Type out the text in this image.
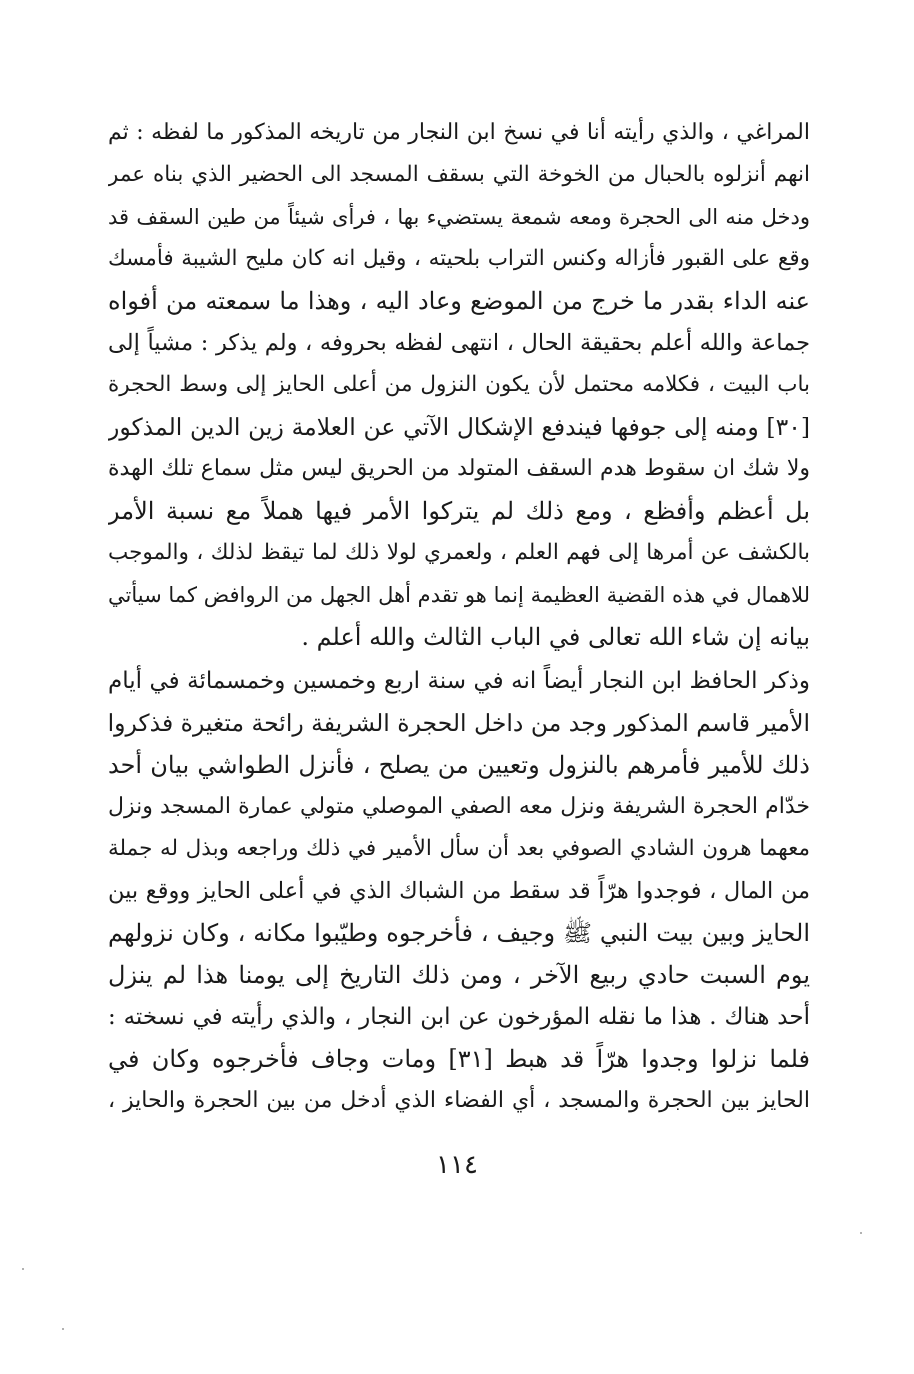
المراغي ، والذي رأيته أنا في نسخ ابن النجار من تاريخه المذكور ما لفظه : ثم
انهم أنزلوه بالحبال من الخوخة التي بسقف المسجد الى الحضير الذي بناه عمر
ودخل منه الى الحجرة ومعه شمعة يستضيء بها ، فرأى شيئاً من طين السقف قد
وقع على القبور فأزاله وكنس التراب بلحيته ، وقيل انه كان مليح الشيبة فأمسك
عنه الداء بقدر ما خرج من الموضع وعاد اليه ، وهذا ما سمعته من أفواه
جماعة والله أعلم بحقيقة الحال ، انتهى لفظه بحروفه ، ولم يذكر : مشياً إلى
باب البيت ، فكلامه محتمل لأن يكون النزول من أعلى الحايز إلى وسط الحجرة
[٣٠] ومنه إلى جوفها فيندفع الإشكال الآتي عن العلامة زين الدين المذكور
ولا شك ان سقوط هدم السقف المتولد من الحريق ليس مثل سماع تلك الهدة
بل أعظم وأفظع ، ومع ذلك لم يتركوا الأمر فيها هملاً مع نسبة الأمر
بالكشف عن أمرها إلى فهم العلم ، ولعمري لولا ذلك لما تيقظ لذلك ، والموجب
للاهمال في هذه القضية العظيمة إنما هو تقدم أهل الجهل من الروافض كما سيأتي
بيانه إن شاء الله تعالى في الباب الثالث والله أعلم .
وذكر الحافظ ابن النجار أيضاً انه في سنة اربع وخمسين وخمسمائة في أيام
الأمير قاسم المذكور وجد من داخل الحجرة الشريفة رائحة متغيرة فذكروا
ذلك للأمير فأمرهم بالنزول وتعيين من يصلح ، فأنزل الطواشي بيان أحد
خدّام الحجرة الشريفة ونزل معه الصفي الموصلي متولي عمارة المسجد ونزل
معهما هرون الشادي الصوفي بعد أن سأل الأمير في ذلك وراجعه وبذل له جملة
من المال ، فوجدوا هرّاً قد سقط من الشباك الذي في أعلى الحايز ووقع بين
الحايز وبين بيت النبي ﷺ وجيف ، فأخرجوه وطيّبوا مكانه ، وكان نزولهم
يوم السبت حادي ربيع الآخر ، ومن ذلك التاريخ إلى يومنا هذا لم ينزل
أحد هناك . هذا ما نقله المؤرخون عن ابن النجار ، والذي رأيته في نسخته :
فلما نزلوا وجدوا هرّاً قد هبط [٣١] ومات وجاف فأخرجوه وكان في
الحايز بين الحجرة والمسجد ، أي الفضاء الذي أدخل من بين الحجرة والحايز ،
١١٤
